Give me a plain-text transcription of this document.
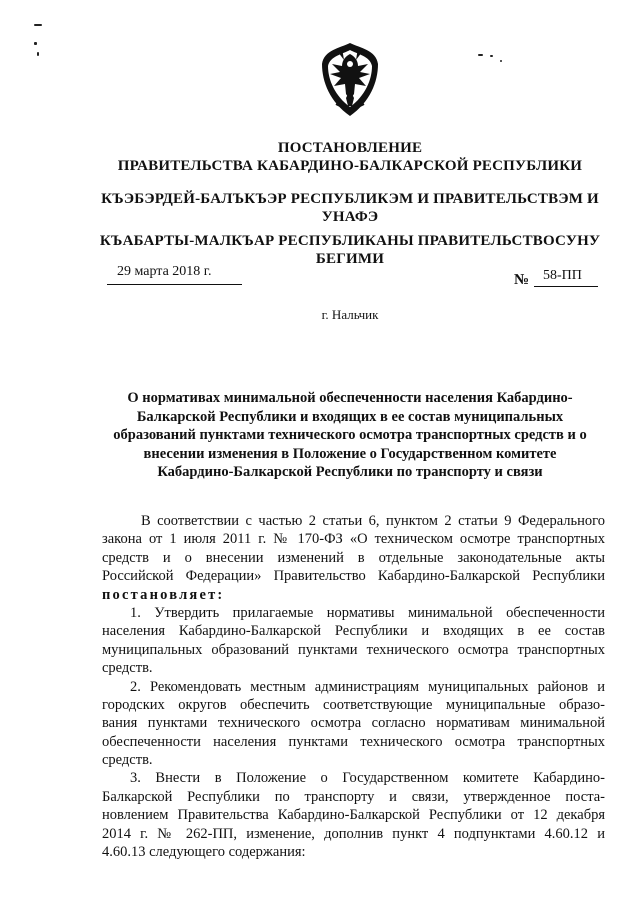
ПОСТАНОВЛЕНИЕ
ПРАВИТЕЛЬСТВА КАБАРДИНО-БАЛКАРСКОЙ РЕСПУБЛИКИ
КЪЭБЭРДЕЙ-БАЛЪКЪЭР РЕСПУБЛИКЭМ И ПРАВИТЕЛЬСТВЭМ И
УНАФЭ
КЪАБАРТЫ-МАЛКЪАР РЕСПУБЛИКАНЫ ПРАВИТЕЛЬСТВОСУНУ
БЕГИМИ
29 марта 2018 г.
№ 58-ПП
г. Нальчик
О нормативах минимальной обеспеченности населения Кабардино-
Балкарской Республики и входящих в ее состав муниципальных
образований пунктами технического осмотра транспортных средств и о
внесении изменения в Положение о Государственном комитете
Кабардино-Балкарской Республики по транспорту и связи
В соответствии с частью 2 статьи 6, пунктом 2 статьи 9 Федерального
закона от 1 июля 2011 г. № 170-ФЗ «О техническом осмотре транспортных
средств и о внесении изменений в отдельные законодательные акты
Российской Федерации» Правительство Кабардино-Балкарской Республики
постановляет:
1. Утвердить прилагаемые нормативы минимальной обеспеченности
населения Кабардино-Балкарской Республики и входящих в ее состав
муниципальных образований пунктами технического осмотра транспортных
средств.
2. Рекомендовать местным администрациям муниципальных районов и
городских округов обеспечить соответствующие муниципальные образо-
вания пунктами технического осмотра согласно нормативам минимальной
обеспеченности населения пунктами технического осмотра транспортных
средств.
3. Внести в Положение о Государственном комитете Кабардино-
Балкарской Республики по транспорту и связи, утвержденное поста-
новлением Правительства Кабардино-Балкарской Республики от 12 декабря
2014 г. № 262-ПП, изменение, дополнив пункт 4 подпунктами 4.60.12 и
4.60.13 следующего содержания:
